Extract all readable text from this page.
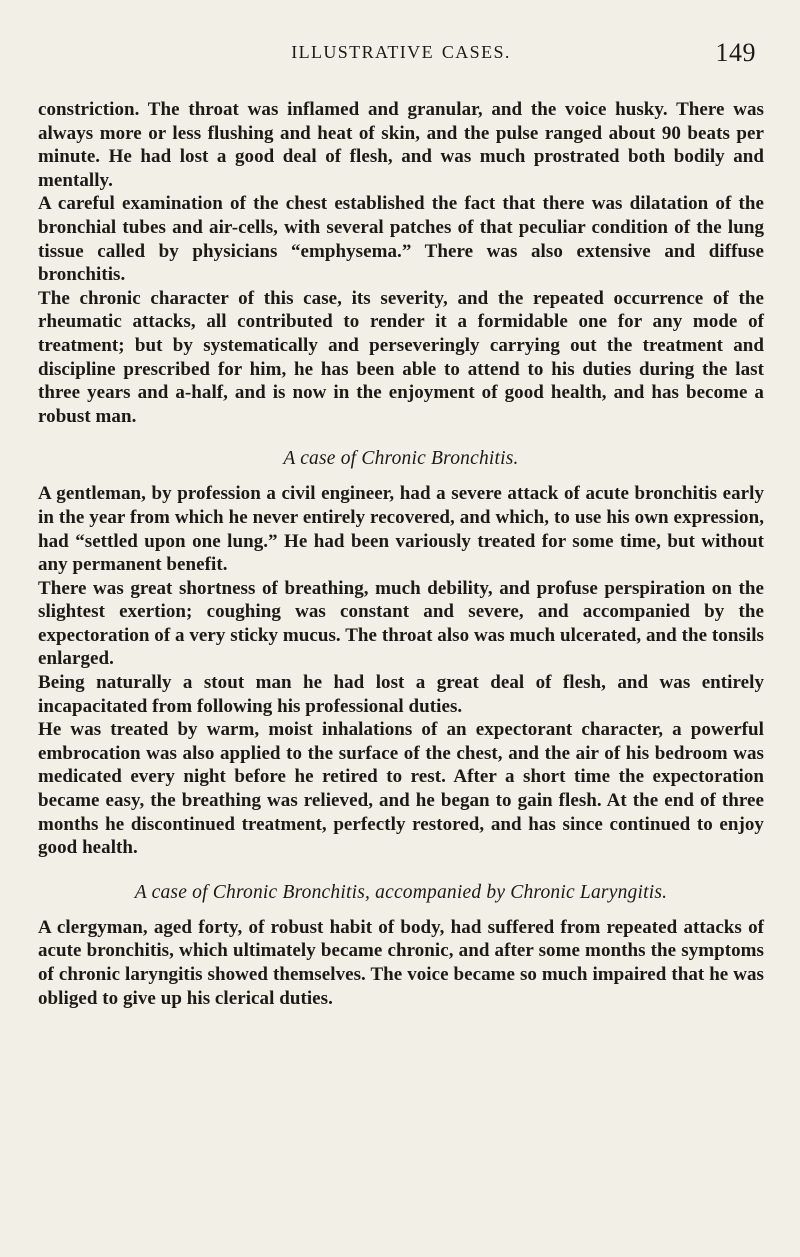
ILLUSTRATIVE CASES.	149

constriction. The throat was inflamed and granular, and the voice husky. There was always more or less flushing and heat of skin, and the pulse ranged about 90 beats per minute. He had lost a good deal of flesh, and was much prostrated both bodily and mentally.

A careful examination of the chest established the fact that there was dilatation of the bronchial tubes and air-cells, with several patches of that peculiar condition of the lung tissue called by physicians “emphysema.” There was also extensive and diffuse bronchitis.

The chronic character of this case, its severity, and the repeated occurrence of the rheumatic attacks, all contributed to render it a formidable one for any mode of treatment; but by systematically and perseveringly carrying out the treatment and discipline prescribed for him, he has been able to attend to his duties during the last three years and a-half, and is now in the enjoyment of good health, and has become a robust man.

A case of Chronic Bronchitis.

A gentleman, by profession a civil engineer, had a severe attack of acute bronchitis early in the year from which he never entirely recovered, and which, to use his own expression, had “settled upon one lung.” He had been variously treated for some time, but without any permanent benefit.

There was great shortness of breathing, much debility, and profuse perspiration on the slightest exertion; coughing was constant and severe, and accompanied by the expectoration of a very sticky mucus. The throat also was much ulcerated, and the tonsils enlarged.

Being naturally a stout man he had lost a great deal of flesh, and was entirely incapacitated from following his professional duties.

He was treated by warm, moist inhalations of an expectorant character, a powerful embrocation was also applied to the surface of the chest, and the air of his bedroom was medicated every night before he retired to rest. After a short time the expectoration became easy, the breathing was relieved, and he began to gain flesh. At the end of three months he discontinued treatment, perfectly restored, and has since continued to enjoy good health.

A case of Chronic Bronchitis, accompanied by Chronic Laryngitis.

A clergyman, aged forty, of robust habit of body, had suffered from repeated attacks of acute bronchitis, which ultimately became chronic, and after some months the symptoms of chronic laryngitis showed themselves. The voice became so much impaired that he was obliged to give up his clerical duties.
